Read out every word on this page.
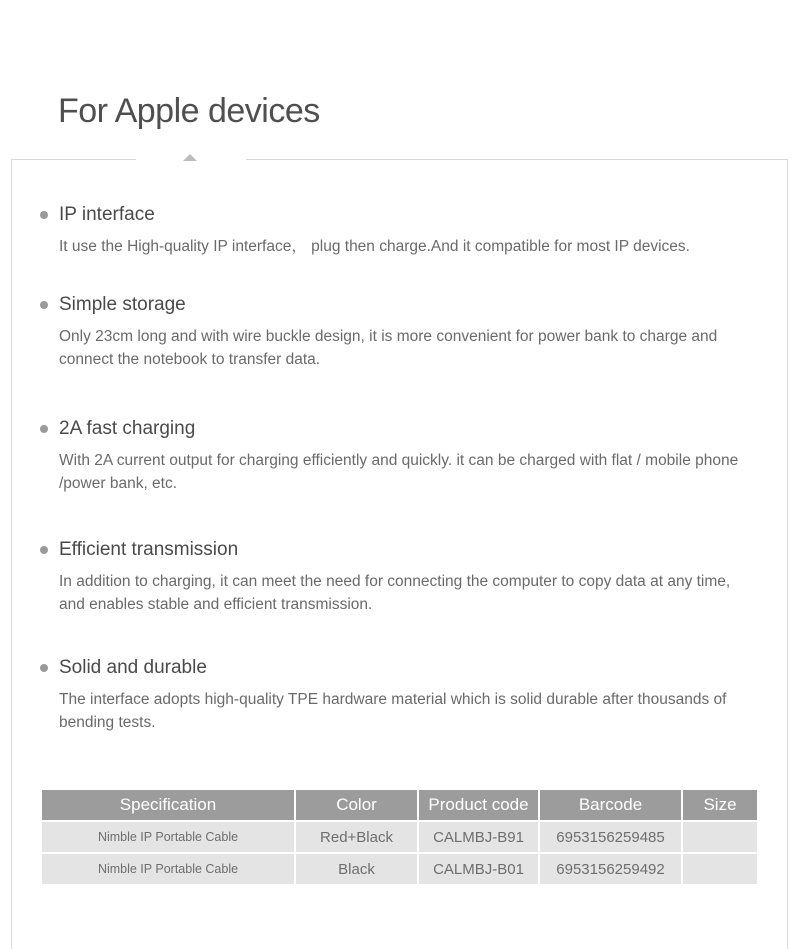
For Apple devices
IP interface

It use the High-quality IP interface， plug then charge.And it compatible for most IP devices.

Simple storage

Only 23cm long and with wire buckle design, it is more convenient for power bank to charge and connect the notebook to transfer data.

2A fast charging

With 2A current output for charging efficiently and quickly. it can be charged with flat / mobile phone /power bank, etc.

Efficient transmission

In addition to charging, it can meet the need for connecting the computer to copy data at any time, and enables stable and efficient transmission.

Solid and durable

The interface adopts high-quality TPE hardware material which is solid durable after thousands of bending tests.

Specification	Color	Product code	Barcode	Size
Nimble IP Portable Cable	Red+Black	CALMBJ-B91	6953156259485	
Nimble IP Portable Cable	Black	CALMBJ-B01	6953156259492	
